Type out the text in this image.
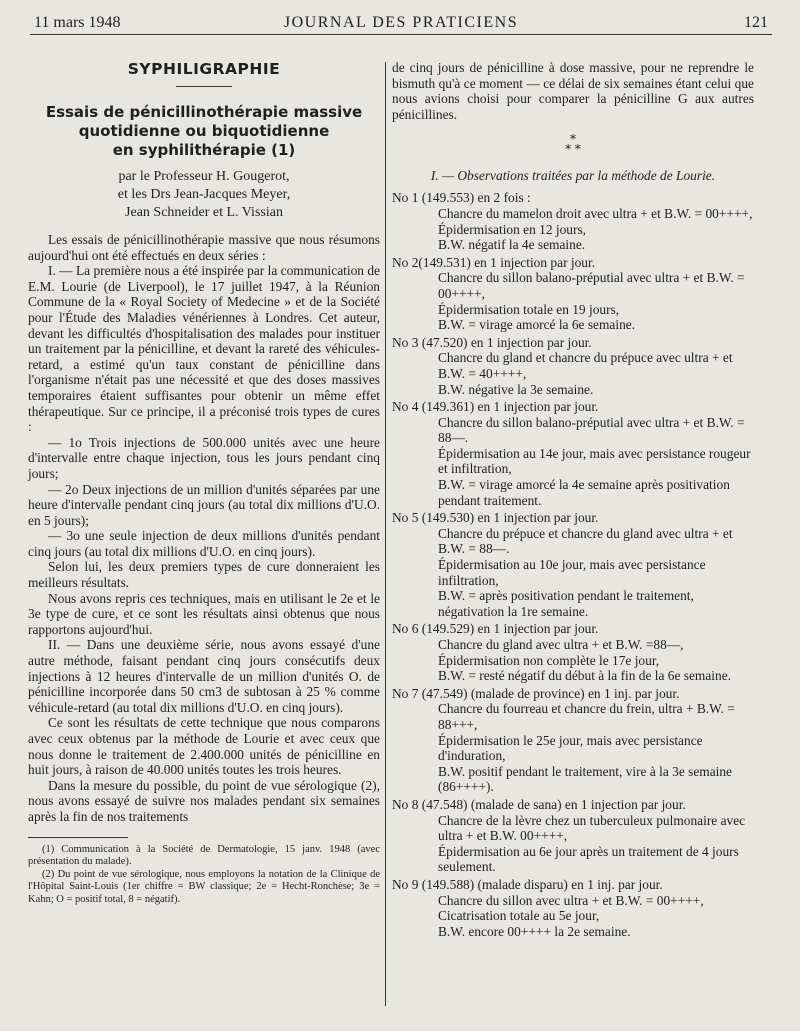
11 mars 1948	JOURNAL DES PRATICIENS	121
SYPHILIGRAPHIE
Essais de pénicillinothérapie massive
quotidienne ou biquotidienne
en syphilithérapie (1)
par le Professeur H. Gougerot,
et les Drs Jean-Jacques Meyer,
Jean Schneider et L. Vissian

Les essais de pénicillinothérapie massive que nous résumons aujourd'hui ont été effectués en deux séries :

I. — La première nous a été inspirée par la communication de E.M. Lourie (de Liverpool), le 17 juillet 1947, à la Réunion Commune de la « Royal Society of Medecine » et de la Société pour l'Étude des Maladies vénériennes à Londres. Cet auteur, devant les difficultés d'hospitalisation des malades pour instituer un traitement par la pénicilline, et devant la rareté des véhicules-retard, a estimé qu'un taux constant de pénicilline dans l'organisme n'était pas une nécessité et que des doses massives temporaires étaient suffisantes pour obtenir un même effet thérapeutique. Sur ce principe, il a préconisé trois types de cures :

— 1o Trois injections de 500.000 unités avec une heure d'intervalle entre chaque injection, tous les jours pendant cinq jours;

— 2o Deux injections de un million d'unités séparées par une heure d'intervalle pendant cinq jours (au total dix millions d'U.O. en 5 jours);

— 3o une seule injection de deux millions d'unités pendant cinq jours (au total dix millions d'U.O. en cinq jours).

Selon lui, les deux premiers types de cure donneraient les meilleurs résultats.

Nous avons repris ces techniques, mais en utilisant le 2e et le 3e type de cure, et ce sont les résultats ainsi obtenus que nous rapportons aujourd'hui.

II. — Dans une deuxième série, nous avons essayé d'une autre méthode, faisant pendant cinq jours consécutifs deux injections à 12 heures d'intervalle de un million d'unités O. de pénicilline incorporée dans 50 cm3 de subtosan à 25 % comme véhicule-retard (au total dix millions d'U.O. en cinq jours).

Ce sont les résultats de cette technique que nous comparons avec ceux obtenus par la méthode de Lourie et avec ceux que nous donne le traitement de 2.400.000 unités de pénicilline en huit jours, à raison de 40.000 unités toutes les trois heures.

Dans la mesure du possible, du point de vue sérologique (2), nous avons essayé de suivre nos malades pendant six semaines après la fin de nos traitements

(1) Communication à la Société de Dermatologie, 15 janv. 1948 (avec présentation du malade).

(2) Du point de vue sérologique, nous employons la notation de la Clinique de l'Hôpital Saint-Louis (1er chiffre = BW classique; 2e = Hecht-Ronchèse; 3e = Kahn; O = positif total, 8 = négatif).

de cinq jours de pénicilline à dose massive, pour ne reprendre le bismuth qu'à ce moment — ce délai de six semaines étant celui que nous avions choisi pour comparer la pénicilline G aux autres pénicillines.

*
* *

I. — Observations traitées par la méthode de Lourie.

No 1 (149.553) en 2 fois :
Chancre du mamelon droit avec ultra + et B.W. = 00++++,
Épidermisation en 12 jours,
B.W. négatif la 4e semaine.
No 2(149.531) en 1 injection par jour.
Chancre du sillon balano-préputial avec ultra + et B.W. = 00++++,
Épidermisation totale en 19 jours,
B.W. = virage amorcé la 6e semaine.
No 3 (47.520) en 1 injection par jour.
Chancre du gland et chancre du prépuce avec ultra + et B.W. = 40++++,
B.W. négative la 3e semaine.
No 4 (149.361) en 1 injection par jour.
Chancre du sillon balano-préputial avec ultra + et B.W. = 88—.
Épidermisation au 14e jour, mais avec persistance rougeur et infiltration,
B.W. = virage amorcé la 4e semaine après positivation pendant traitement.
No 5 (149.530) en 1 injection par jour.
Chancre du prépuce et chancre du gland avec ultra + et B.W. = 88—.
Épidermisation au 10e jour, mais avec persistance infiltration,
B.W. = après positivation pendant le traitement, négativation la 1re semaine.
No 6 (149.529) en 1 injection par jour.
Chancre du gland avec ultra + et B.W. =88—,
Épidermisation non complète le 17e jour,
B.W. = resté négatif du début à la fin de la 6e semaine.
No 7 (47.549) (malade de province) en 1 inj. par jour.
Chancre du fourreau et chancre du frein, ultra + B.W. = 88+++,
Épidermisation le 25e jour, mais avec persistance d'induration,
B.W. positif pendant le traitement, vire à la 3e semaine (86++++).
No 8 (47.548) (malade de sana) en 1 injection par jour.
Chancre de la lèvre chez un tuberculeux pulmonaire avec ultra + et B.W. 00++++,
Épidermisation au 6e jour après un traitement de 4 jours seulement.
No 9 (149.588) (malade disparu) en 1 inj. par jour.
Chancre du sillon avec ultra + et B.W. = 00++++,
Cicatrisation totale au 5e jour,
B.W. encore 00++++ la 2e semaine.
